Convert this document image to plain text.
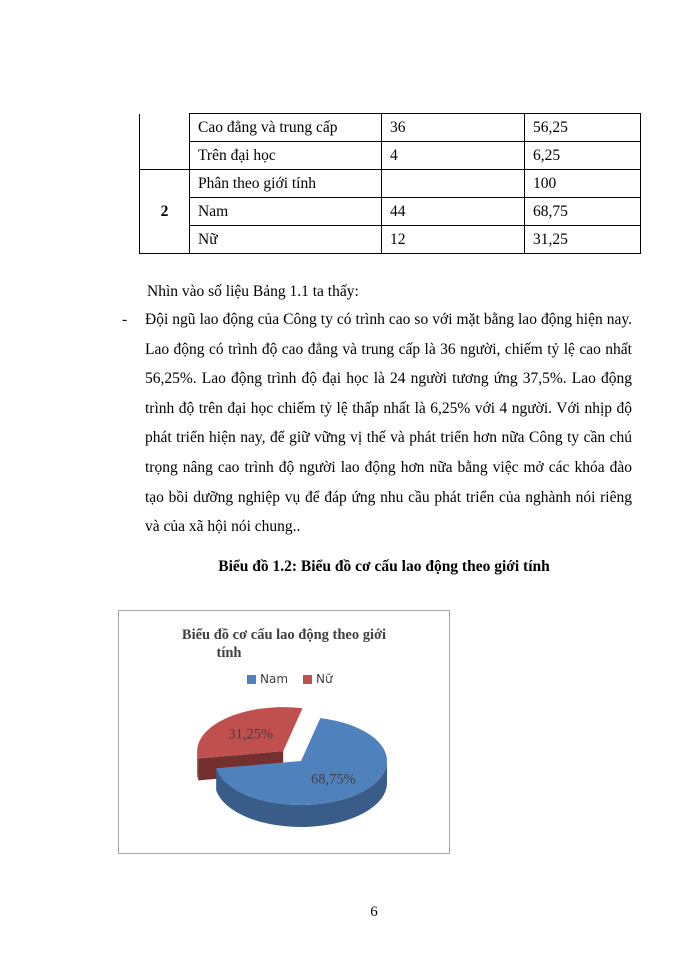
	Cao đẳng và trung cấp	36	56,25
	Trên đại học	4	6,25
2	Phân theo giới tính		100
	Nam	44	68,75
	Nữ	12	31,25

Nhìn vào số liệu Bảng 1.1 ta thấy:

- Đội ngũ lao động của Công ty có trình cao so với mặt bằng lao động hiện nay. Lao động có trình độ cao đẳng và trung cấp là 36 người, chiếm tỷ lệ cao nhất 56,25%. Lao động trình độ đại học là 24 người tương ứng 37,5%. Lao động trình độ trên đại học chiếm tỷ lệ thấp nhất là 6,25% với 4 người. Với nhịp độ phát triển hiện nay, để giữ vững vị thế và phát triển hơn nữa Công ty cần chú trọng nâng cao trình độ người lao động hơn nữa bằng việc mở các khóa đào tạo bồi dưỡng nghiệp vụ để đáp ứng nhu cầu phát triển của nghành nói riêng và của xã hội nói chung..

Biểu đồ 1.2: Biểu đồ cơ cấu lao động theo giới tính

Biểu đồ cơ cấu lao động theo giới
tính
Nam Nữ
31,25%
68,75%

6
